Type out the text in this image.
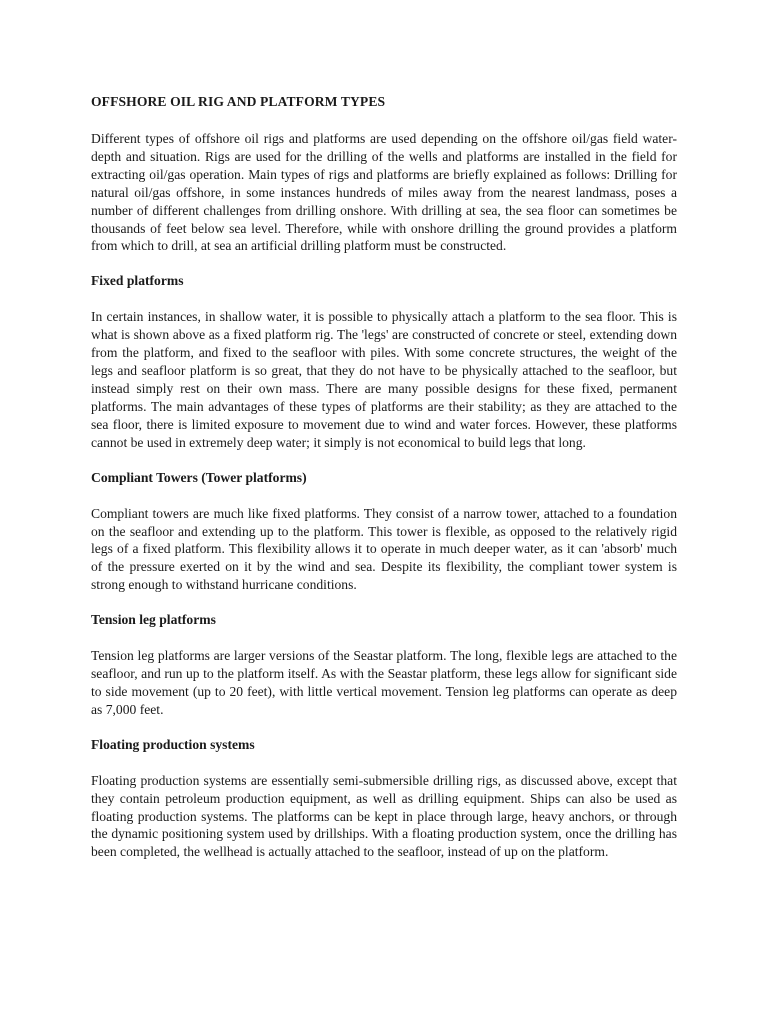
OFFSHORE OIL RIG AND PLATFORM TYPES

Different types of offshore oil rigs and platforms are used depending on the offshore oil/gas field water-depth and situation. Rigs are used for the drilling of the wells and platforms are installed in the field for extracting oil/gas operation. Main types of rigs and platforms are briefly explained as follows: Drilling for natural oil/gas offshore, in some instances hundreds of miles away from the nearest landmass, poses a number of different challenges from drilling onshore. With drilling at sea, the sea floor can sometimes be thousands of feet below sea level. Therefore, while with onshore drilling the ground provides a platform from which to drill, at sea an artificial drilling platform must be constructed.

Fixed platforms

In certain instances, in shallow water, it is possible to physically attach a platform to the sea floor. This is what is shown above as a fixed platform rig. The 'legs' are constructed of concrete or steel, extending down from the platform, and fixed to the seafloor with piles. With some concrete structures, the weight of the legs and seafloor platform is so great, that they do not have to be physically attached to the seafloor, but instead simply rest on their own mass. There are many possible designs for these fixed, permanent platforms. The main advantages of these types of platforms are their stability; as they are attached to the sea floor, there is limited exposure to movement due to wind and water forces. However, these platforms cannot be used in extremely deep water; it simply is not economical to build legs that long.

Compliant Towers (Tower platforms)

Compliant towers are much like fixed platforms. They consist of a narrow tower, attached to a foundation on the seafloor and extending up to the platform. This tower is flexible, as opposed to the relatively rigid legs of a fixed platform. This flexibility allows it to operate in much deeper water, as it can 'absorb' much of the pressure exerted on it by the wind and sea. Despite its flexibility, the compliant tower system is strong enough to withstand hurricane conditions.

Tension leg platforms

Tension leg platforms are larger versions of the Seastar platform. The long, flexible legs are attached to the seafloor, and run up to the platform itself. As with the Seastar platform, these legs allow for significant side to side movement (up to 20 feet), with little vertical movement. Tension leg platforms can operate as deep as 7,000 feet.

Floating production systems

Floating production systems are essentially semi-submersible drilling rigs, as discussed above, except that they contain petroleum production equipment, as well as drilling equipment. Ships can also be used as floating production systems. The platforms can be kept in place through large, heavy anchors, or through the dynamic positioning system used by drillships. With a floating production system, once the drilling has been completed, the wellhead is actually attached to the seafloor, instead of up on the platform.
